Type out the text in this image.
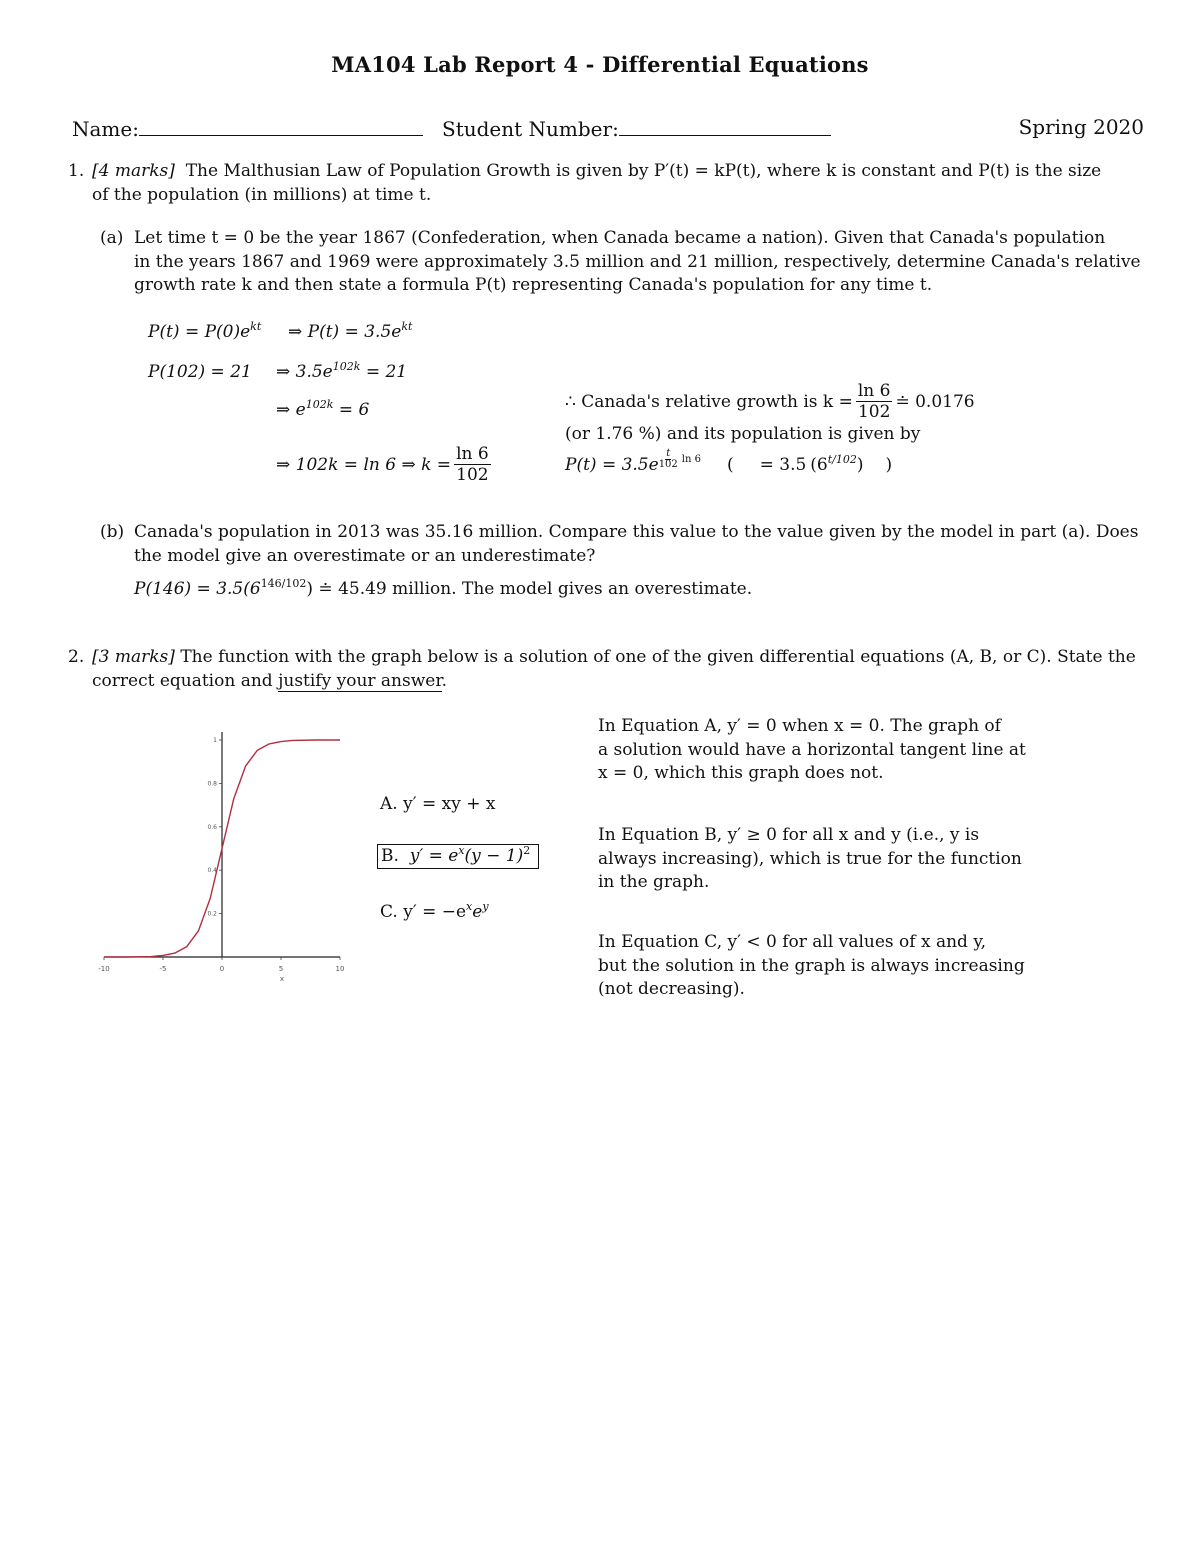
MA104 Lab Report 4 - Differential Equations
Name:	Student Number:	Spring 2020
1. [4 marks] The Malthusian Law of Population Growth is given by P′(t) = kP(t), where k is constant and P(t) is the size
of the population (in millions) at time t.
(a) Let time t = 0 be the year 1867 (Confederation, when Canada became a nation). Given that Canada's population
in the years 1867 and 1969 were approximately 3.5 million and 21 million, respectively, determine Canada's relative
growth rate k and then state a formula P(t) representing Canada's population for any time t.
$P(t) = P(0)e^{kt}$ ⇒ $P(t) = 3.5e^{kt}$
P(102) = 21 ⇒ $3.5e^{102k} = 21$
⇒ $e^{102k} = 6$
⇒ 102k = ln 6 ⇒ $k = \frac{\ln 6}{102}$
∴ Canada's relative growth is $k = \frac{\ln 6}{102}$ ≐ 0.0176
(or 1.76 %) and its population is given by
P(t) = 3.5e
t
102 ln 6 ( = 3.5 $(6^{t/102})$ )
(b) Canada's population in 2013 was 35.16 million. Compare this value to the value given by the model in part (a). Does
the model give an overestimate or an underestimate?
$P(146) = 3.5(6^{146/102})$ ≐ 45.49 million. The model gives an overestimate.
2. [3 marks] The function with the graph below is a solution of one of the given differential equations (A, B, or C). State the
correct equation and justify your answer.
-10	-5	0	5	10
0.2
0.4
0.6
0.8
1
x
A. y′ = xy + x
B. $y' = e^x(y - 1)^2$
C. $y' = -e^xe^y$
In Equation A, y′ = 0 when x = 0. The graph of
a solution would have a horizontal tangent line at
x = 0, which this graph does not.
In Equation B, y′ ≥ 0 for all x and y (i.e., y is
always increasing), which is true for the function
in the graph.
In Equation C, y′ < 0 for all values of x and y,
but the solution in the graph is always increasing
(not decreasing).
